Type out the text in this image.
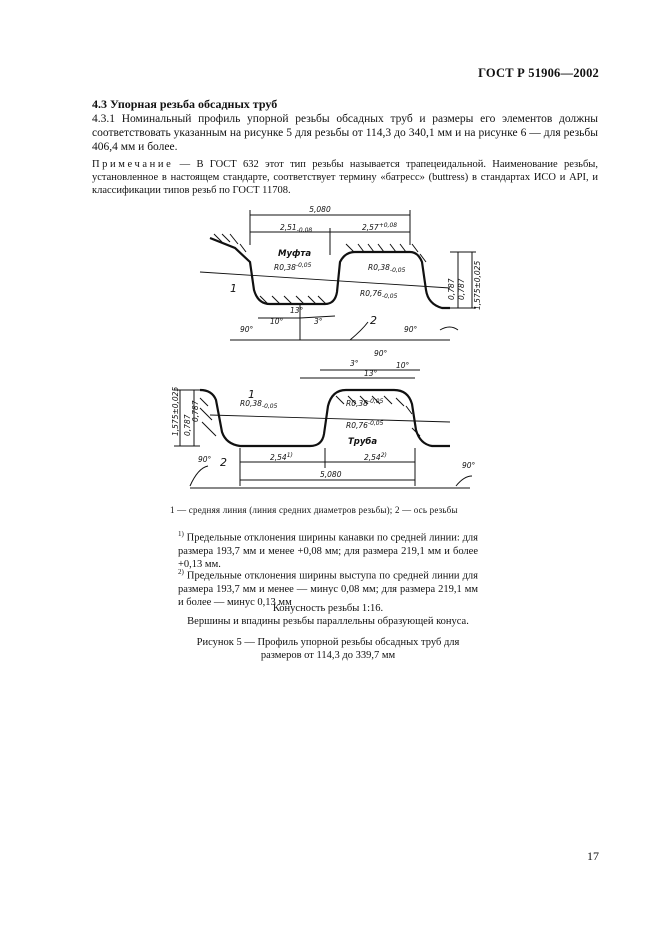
ГОСТ Р 51906—2002
4.3 Упорная резьба обсадных труб
4.3.1 Номинальный профиль упорной резьбы обсадных труб и размеры его элементов должны соответствовать указанным на рисунке 5 для резьбы от 114,3 до 340,1 мм и на рисунке 6 — для резьбы 406,4 мм и более.
Примечание — В ГОСТ 632 этот тип резьбы называется трапецеидальной. Наименование резьбы, установленное в настоящем стандарте, соответствует термину «батресс» (buttress) в стандартах ИСО и API, и классификации типов резьб по ГОСТ 11708.
5,080
$2,51_{-0,08}$	$2,57^{+0,08}$
Муфта
$R0,38^{-0,05}$	$R0,38_{-0,05}$
$R0,76_{-0,05}$
13°
10°	3°
90°	90°
1
2
0,787 0,787 1,575±0,025
90°
10°
3°
13°
$R0,38_{-0,05}$	$R0,38^{-0,05}$
$R0,76^{-0,05}$
Труба
1
2	2,54$^{1)}$	2,54$^{2)}$
5,080
1,575±0,025 0,787
0,787
90°
90°
1 — средняя линия (линия средних диаметров резьбы); 2 — ось резьбы
$^{1)}$ Предельные отклонения ширины канавки по средней линии: для размера 193,7 мм и менее +0,08 мм; для размера 219,1 мм и более +0,13 мм.
$^{2)}$ Предельные отклонения ширины выступа по средней линии для размера 193,7 мм и менее — минус 0,08 мм; для размера 219,1 мм и более — минус 0,13 мм
Конусность резьбы 1:16.
Вершины и впадины резьбы параллельны образующей конуса.
Рисунок 5 — Профиль упорной резьбы обсадных труб для размеров от 114,3 до 339,7 мм
17
